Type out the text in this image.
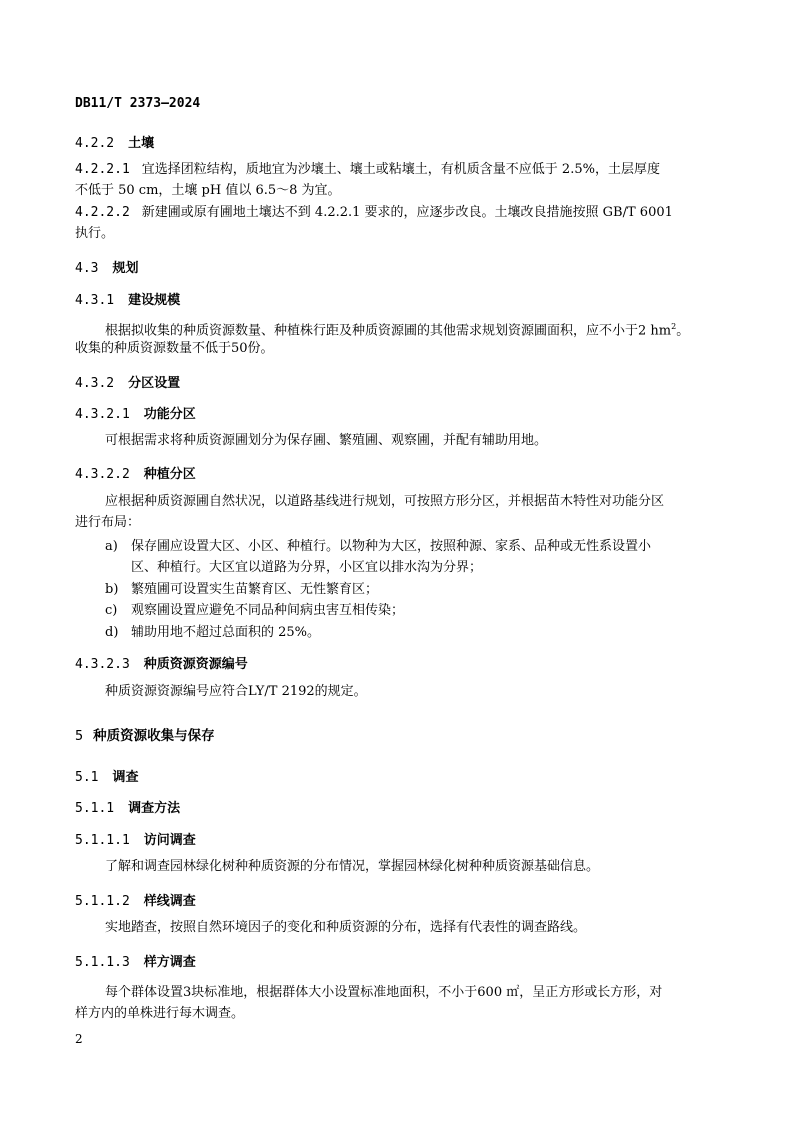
DB11/T 2373—2024
4.2.2 土壤
4.2.2.1 宜选择团粒结构，质地宜为沙壤土、壤土或粘壤土，有机质含量不应低于 2.5%，土层厚度
不低于 50 cm，土壤 pH 值以 6.5～8 为宜。
4.2.2.2 新建圃或原有圃地土壤达不到 4.2.2.1 要求的，应逐步改良。土壤改良措施按照 GB/T 6001
执行。
4.3 规划
4.3.1 建设规模
根据拟收集的种质资源数量、种植株行距及种质资源圃的其他需求规划资源圃面积，应不小于2 $hm^2$。
收集的种质资源数量不低于50份。
4.3.2 分区设置
4.3.2.1 功能分区
可根据需求将种质资源圃划分为保存圃、繁殖圃、观察圃，并配有辅助用地。
4.3.2.2 种植分区
应根据种质资源圃自然状况，以道路基线进行规划，可按照方形分区，并根据苗木特性对功能分区
进行布局：
a) 保存圃应设置大区、小区、种植行。以物种为大区，按照种源、家系、品种或无性系设置小
区、种植行。大区宜以道路为分界，小区宜以排水沟为分界；
b) 繁殖圃可设置实生苗繁育区、无性繁育区；
c) 观察圃设置应避免不同品种间病虫害互相传染；
d) 辅助用地不超过总面积的 25%。
4.3.2.3 种质资源资源编号
种质资源资源编号应符合LY/T 2192的规定。
5 种质资源收集与保存
5.1 调查
5.1.1 调查方法
5.1.1.1 访问调查
了解和调查园林绿化树种种质资源的分布情况，掌握园林绿化树种种质资源基础信息。
5.1.1.2 样线调查
实地踏查，按照自然环境因子的变化和种质资源的分布，选择有代表性的调查路线。
5.1.1.3 样方调查
每个群体设置3块标准地，根据群体大小设置标准地面积，不小于600 ㎡，呈正方形或长方形，对
样方内的单株进行每木调查。
2
